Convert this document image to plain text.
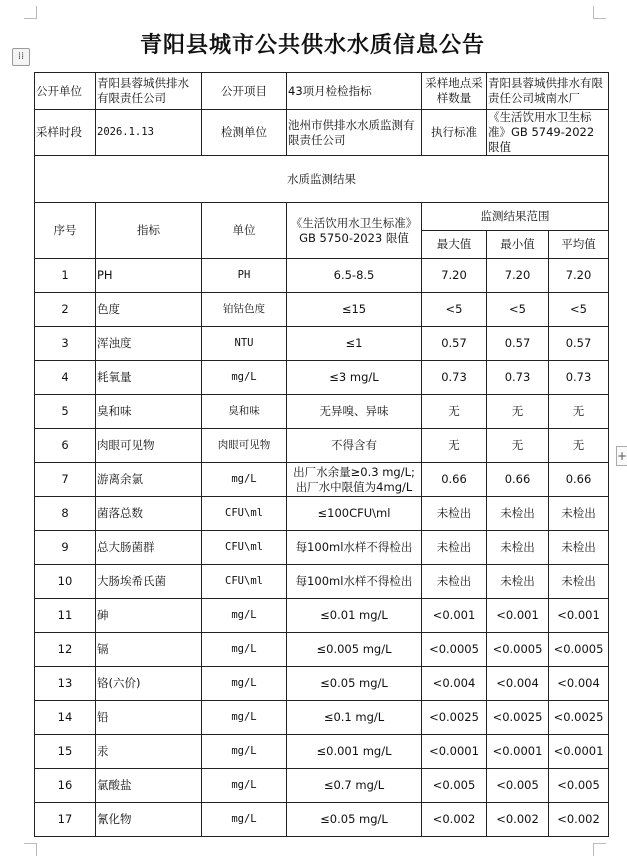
⁞⁞
+
青阳县城市公共供水水质信息公告
公开单位	青阳县蓉城供排水有限责任公司	公开项目	43项月检检指标	采样地点采样数量	青阳县蓉城供排水有限责任公司城南水厂	
采样时段	2026.1.13	检测单位	池州市供排水水质监测有限责任公司	执行标准	《生活饮用水卫生标准》GB 5749-2022 限值	
水质监测结果						
序号	指标	单位	《生活饮用水卫生标准》GB 5750-2023 限值	监测结果范围		
				最大值	最小值	平均值
1	PH	PH	6.5-8.5	7.20	7.20	7.20
2	色度	铂钴色度	≤15	<5	<5	<5
3	浑浊度	NTU	≤1	0.57	0.57	0.57
4	耗氧量	mg/L	≤3 mg/L	0.73	0.73	0.73
5	臭和味	臭和味	无异嗅、异味	无	无	无
6	肉眼可见物	肉眼可见物	不得含有	无	无	无
7	游离余氯	mg/L	出厂水余量≥0.3 mg/L;出厂水中限值为4mg/L	0.66	0.66	0.66
8	菌落总数	CFU\ml	≤100CFU\ml	未检出	未检出	未检出
9	总大肠菌群	CFU\ml	每100ml水样不得检出	未检出	未检出	未检出
10	大肠埃希氏菌	CFU\ml	每100ml水样不得检出	未检出	未检出	未检出
11	砷	mg/L	≤0.01 mg/L	<0.001	<0.001	<0.001
12	镉	mg/L	≤0.005 mg/L	<0.0005	<0.0005	<0.0005
13	铬(六价)	mg/L	≤0.05 mg/L	<0.004	<0.004	<0.004
14	铅	mg/L	≤0.1 mg/L	<0.0025	<0.0025	<0.0025
15	汞	mg/L	≤0.001 mg/L	<0.0001	<0.0001	<0.0001
16	氯酸盐	mg/L	≤0.7 mg/L	<0.005	<0.005	<0.005
17	氰化物	mg/L	≤0.05 mg/L	<0.002	<0.002	<0.002
